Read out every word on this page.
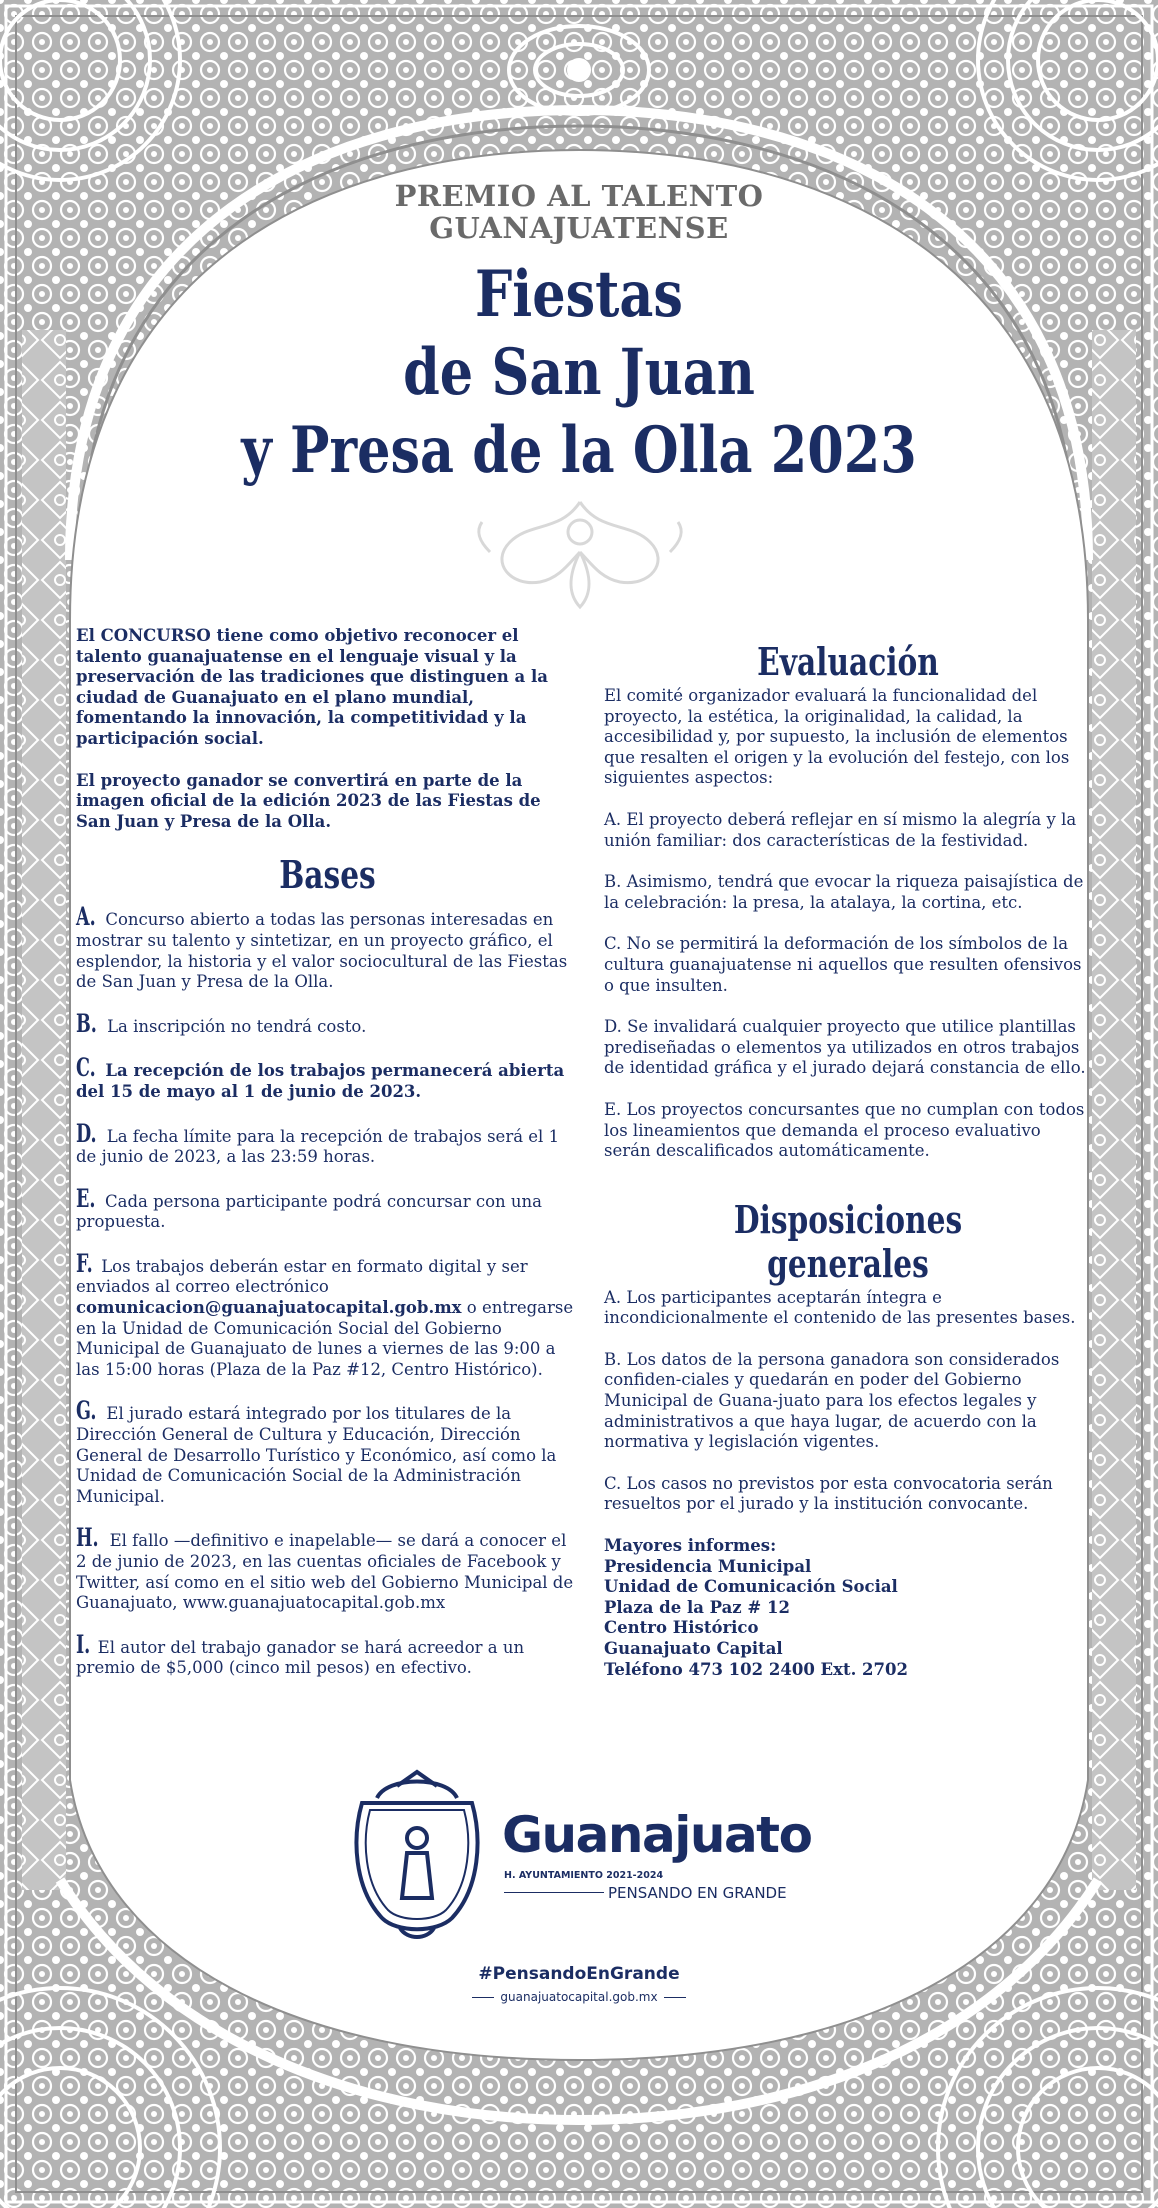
PREMIO AL TALENTO
GUANAJUATENSE
Fiestas
de San Juan
y Presa de la Olla 2023

El CONCURSO tiene como objetivo reconocer el talento guanajuatense en el lenguaje visual y la preservación de las tradiciones que distinguen a la ciudad de Guanajuato en el plano mundial, fomentando la innovación, la competitividad y la participación social.

El proyecto ganador se convertirá en parte de la imagen oficial de la edición 2023 de las Fiestas de San Juan y Presa de la Olla.

Bases

A. Concurso abierto a todas las personas interesadas en mostrar su talento y sintetizar, en un proyecto gráfico, el esplendor, la historia y el valor sociocultural de las Fiestas de San Juan y Presa de la Olla.

B. La inscripción no tendrá costo.

C. La recepción de los trabajos permanecerá abierta del 15 de mayo al 1 de junio de 2023.

D. La fecha límite para la recepción de trabajos será el 1 de junio de 2023, a las 23:59 horas.

E. Cada persona participante podrá concursar con una propuesta.

F. Los trabajos deberán estar en formato digital y ser enviados al correo electrónico comunicacion@guanajuatocapital.gob.mx o entregarse en la Unidad de Comunicación Social del Gobierno Municipal de Guanajuato de lunes a viernes de las 9:00 a las 15:00 horas (Plaza de la Paz #12, Centro Histórico).

G. El jurado estará integrado por los titulares de la Dirección General de Cultura y Educación, Dirección General de Desarrollo Turístico y Económico, así como la Unidad de Comunicación Social de la Administración Municipal.

H. El fallo —definitivo e inapelable— se dará a conocer el 2 de junio de 2023, en las cuentas oficiales de Facebook y Twitter, así como en el sitio web del Gobierno Municipal de Guanajuato, www.guanajuatocapital.gob.mx

I. El autor del trabajo ganador se hará acreedor a un premio de $5,000 (cinco mil pesos) en efectivo.

Evaluación

El comité organizador evaluará la funcionalidad del proyecto, la estética, la originalidad, la calidad, la accesibilidad y, por supuesto, la inclusión de elementos que resalten el origen y la evolución del festejo, con los siguientes aspectos:

A. El proyecto deberá reflejar en sí mismo la alegría y la unión familiar: dos características de la festividad.

B. Asimismo, tendrá que evocar la riqueza paisajística de la celebración: la presa, la atalaya, la cortina, etc.

C. No se permitirá la deformación de los símbolos de la cultura guanajuatense ni aquellos que resulten ofensivos o que insulten.

D. Se invalidará cualquier proyecto que utilice plantillas prediseñadas o elementos ya utilizados en otros trabajos de identidad gráfica y el jurado dejará constancia de ello.

E. Los proyectos concursantes que no cumplan con todos los lineamientos que demanda el proceso evaluativo serán descalificados automáticamente.

Disposiciones generales

A. Los participantes aceptarán íntegra e incondicionalmente el contenido de las presentes bases.

B. Los datos de la persona ganadora son considerados confiden-ciales y quedarán en poder del Gobierno Municipal de Guana-juato para los efectos legales y administrativos a que haya lugar, de acuerdo con la normativa y legislación vigentes.

C. Los casos no previstos por esta convocatoria serán resueltos por el jurado y la institución convocante.

Mayores informes:
Presidencia Municipal
Unidad de Comunicación Social
Plaza de la Paz # 12
Centro Histórico
Guanajuato Capital
Teléfono 473 102 2400 Ext. 2702
Guanajuato
H. AYUNTAMIENTO 2021-2024
PENSANDO EN GRANDE
#PensandoEnGrande
guanajuatocapital.gob.mx
